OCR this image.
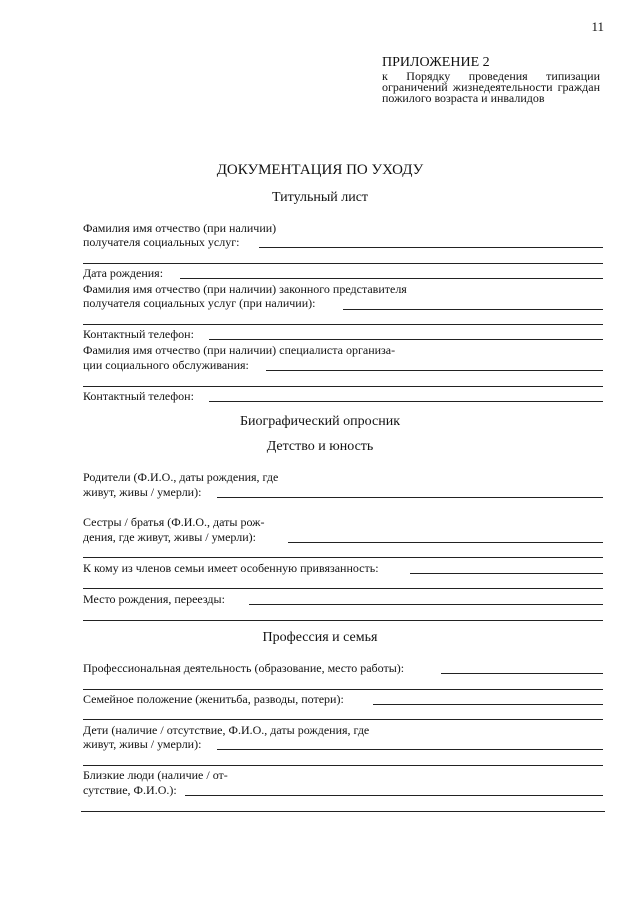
11
ПРИЛОЖЕНИЕ 2
к Порядку проведения типизации ограничений жизнедеятельности граждан пожилого возраста и инвалидов
ДОКУМЕНТАЦИЯ ПО УХОДУ
Титульный лист
Фамилия имя отчество (при наличии)
получателя социальных услуг:
Дата рождения:
Фамилия имя отчество (при наличии) законного представителя
получателя социальных услуг (при наличии):
Контактный телефон:
Фамилия имя отчество (при наличии) специалиста организа-
ции социального обслуживания:
Контактный телефон:
Биографический опросник
Детство и юность
Родители (Ф.И.О., даты рождения, где
живут, живы / умерли):
Сестры / братья (Ф.И.О., даты рож-
дения, где живут, живы / умерли):
К кому из членов семьи имеет особенную привязанность:
Место рождения, переезды:
Профессия и семья
Профессиональная деятельность (образование, место работы):
Семейное положение (женитьба, разводы, потери):
Дети (наличие / отсутствие, Ф.И.О., даты рождения, где
живут, живы / умерли):
Близкие люди (наличие / от-
сутствие, Ф.И.О.):
